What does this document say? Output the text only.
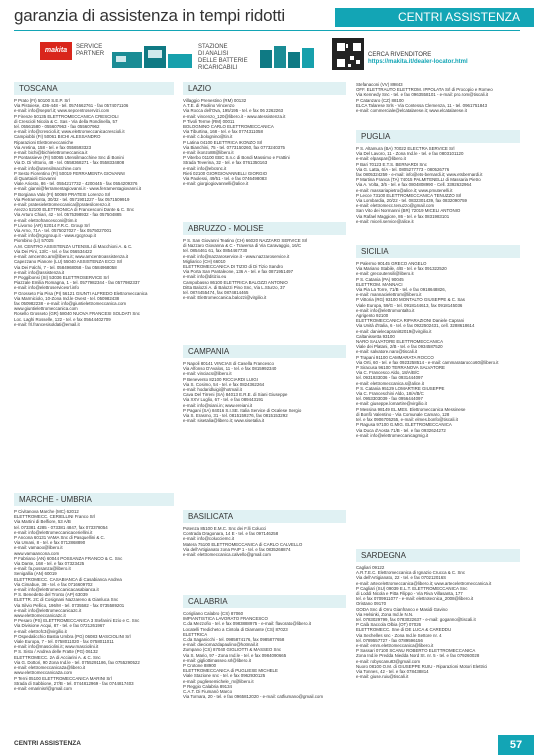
garanzia di assistenza in tempi ridotti	CENTRI ASSISTENZA
makita	SERVICE
PARTNER
STAZIONE
DI ANALISI
DELLE BATTERIE
RICARICABILI
CERCA RIVENDITORE
https://makita.it/dealer-locator.html
TOSCANA
P Prato (FI) 50100 S.E.P. Srl
Via Pistoiese, 436-448 - tel. 0574662761 - fax 0574071106
e-mail: info@sepsrl.it; www.sepcentroservizi.com
P Firenze 50135 ELETTROMECCANICA CRESCIOLI
di Crescioli Nicola & C. Sas - Via della Rondinella, 57
tel. 05561580 - 055607963 - fax 055607962
e-mail: info@crescioli.it; www.elettromeccanicacrescioli.it
Campiobbi (FI) 50061 BICHI ALESSANDRO
Riparazioni Elettromeccaniche
Via Aretina, 158 - tel. e fax 0556593323
e-mail: bichi@bichielettromeccanica.it
P Pontassieve (FI) 50065 Utensilmacchine Snc di Bonini
Via D. Di Vittorio, 48 - tel. 0558368271 - fax 0558334808
e-mail: info@utensilmacchine.com
P Sesto Fiorentino (FI) 50019 FERRAMENTA GIOVANNI
di Quartaioli Giovanni
Viale Ariosto, 86 - tel. 0554217732 - 4200445 - fax 0554209376
e-mail: gianni@ferramentagiovanni.it - www.ferramentagiovanni.it
P Borgiana Valo (FI) 50069 PRATESI Lorenzo Srl
Via Pietramonta, 30/32 - tel. 0571901227 - fax 0571509919
e-mail: pratesielettromeccanica@pratesilorenzo.it
Arezzo 52100 ELETTRONICA di Francesconi Dante & C. Snc
Via Arturo Chiari, 42 - tel. 0575398932 - fax 057504885
e-mail: elettrofrancesconi@tim.it
P Livorno (AR) 52014 F.R.C. Group Srl
Via Arno, 71A - tel. 0575027027 - fax 0575027001
e-mail: info@rgcgroup.it - www.rgcgroup.it
Piombino (LI) 57025
A.M. CENTRO ASSISTENZA UTENSILI di Macchioni A. & C.
Via Dei Pini, 13/C - tel. e fax 056534422
e-mail: amcentro.am@libero.it; www.amcentroassistenza.it
Capezzano Pianore (LU) 55040 ASSISTENZA ECCI Srl
Via Dei Falchi, 7 - tel. 0584968058 - fax 0584968058
e-mail: info@assistenza.it
P Poggibonsi (SI) 53036 ELETTROSERVICE Srl
Piazzale Emilia Romagna, 1 - tel. 0577982344 - fax 0577982337
e-mail: info@elettroservicesrl.info
P Grosseto Fia Pisa (PI) 56121 GIUNTI ALFREDO Elettromeccanica
Via Marmiciolo, 10-Zona Ind.le Ovest - tel. 050982438
fax 050982238 - e-mail: info@giuntielettromeccanica.com
www.giuntielettromeccanica.com
Rosello Grosseto (GR) 58040 NUOVA FRANCESI SOLDATI Snc
Loc. Laghi Rosselle, 122 - tel. e fax 05644402709
e-mail: frl.francesisoldati@email.it
MARCHE - UMBRIA
P Civitanova Marche (MC) 62012
ELETTROMECC. CERIELLINI Franco Srl
Via Martini di Belfiore, 53 A/B
tel. 073381 4285 - 073381 4847, fax 073378054
e-mail: info@elettromeccanicaceriellini.it
P Ancona 60131 VAMA Snc di Pasquellini & C.
Via Umani, 8 - tel. e fax 0712868890
e-mail: vamaoo@libero.it
www.vamaancona.com
P Fabriano (AN) 60044 POSSANZA FRANCO & C. Snc
Via Dante, 168 - tel. e fax 07323425
e-mail: fa.possanza@libero.it
Senigallia (AN) 60019
ELETTROMECC. CASABIANCA di Casabianca Andrea
Via Cimabue, 38 - tel. e fax 0716609702
e-mail: info@elettromeccanicacasabianca.it
P S. Benedetto del Tronto (AP) 63039
ELETTR. 2C di Cosignani Nazzareno & Gianluca Snc
Via Silvio Pellico, 196/M - tel. 0735582 - fax 0735589201
e-mail: info@elettromeccanica2c.it
www.elettromeccanica2c.it
P Pesaro (PS) ELETTROMECCANICA 3 Stefanini Ezio e C. Snc
Via Divisione Acqui, 87 - tel. e fax 0721261967
e-mail: elettrofc3@virgilio.it
P Ospedalicchio Bastia Umbra (PG) 06083 MASCIOLINI Srl
Viale Europa, 7 - tel. 0758011020 - fax 0758011011
e-mail: info@masciolini.it; www.masciolini.it
P S. Sisto / Andrea delle Fratte (PG) 06132
ELETTROMECC. 2A di Acciarini A. & C. Snc
Via G. Dottori, 90 Zona Ind.le - tel. 0755291186, fax 0755290522
e-mail: elettromeccanica2a@libero.it
www.elettromeccanica2a.com
P Terni 05100 ELETTROMECCANICA MARINI Srl
Strada di Sabbione, 27/B - tel. 0744812969 - fax 0744817403
e-mail: emarinisrl@gmail.com
LAZIO
Villaggio Prenestino (RM) 00132
A.T.E. di Paolino Vincenzo
Via Rocca dell'Ova, 195/195 - tel. e fax 06 2262263
e-mail: vincenzo_120@libero.it - www.atessistenza.it
P Tivoli Terme (RM) 00011
BOLOGNINO CARLO ELETTROMECCANICA
Via Tiburtina, 168 - tel. e fax 0774311058
e-mail: c.bolognino@tin.it
P Latina 04100 ELETTRICA IKONZO Srl
Via Bianchini, 75 - tel. 0773150260, fax 0773240375
e-mail: ikonzo88@libero.it
P Viterbo 01100 EBC S.n.c di Bondi Massimo e Frattini
Strada Teverina, 32 - tel. e fax 0761350163
e-mail: info@ebcsnc.it
Rieti 02100 GIORGIOVANNELLI GIORGIO
Via Paolessi, 49/51 - tel. e fax 0746498083
e-mail: giorgiogiovannelli@alice.it
ABRUZZO - MOLISE
P S. San Giovanni Teatino (CH) 66020 NAZZARO SERVICE Srl
di Nazzaro Giovanna & C - Traversa di Via Caravaggio, 16/C
tel. 0854461 61, fax 0854467730
e-mail: info@nazzaroservice.it - www.nazzaroservice.it
Migliarico (CH) 66010
ELETTROMECCANICA DI TIZIO di Di Tizio Sandro
Via Porta San Pantaleone, 136 A - tel. e fax 0871951497
e-mail: info@ditizio.eu
Campobasso 86100 ELETTRICA BALOZZI ANTONIO
Ditta Balozzi A. di Balozzi Pino Snc, Via L.Sturzo, 37
tel. 0874455474, fax 0874814465
e-mail: Elettromeccanica.balozzi@virgilio.it
CAMPANIA
P Napoli 80141 VINCIAS di Casella Francesco
Via Alfonso D'Avalos, 11 - tel. e fax 0815992340
e-mail: vinciacs@libero.it
P Benevento 82100 RICCIARDI LUIGI
Via S. Cosimo, 54 - tel. e fax 0824362264
e-mail: hodaridluigi@hotmail.it
Cava Del Tirreni (SA) 84013 E.R.E. di Siani Giuseppe
Via XXV Luglio, 67 - tel. e fax 089443191
e-mail: info@siani.in; www.ereiani.it
P Pagani (SA) 84016 S.I.SE. Italia Service di Ocalese Sergio
Via S. Erasmo, 31 - tel. 0815159276, fax 0815153292
e-mail: sisetalia@libero.it; www.sisetalia.it
BASILICATA
Potenza 85100 E.M.C. Snc dei F.lli Colucci
Contrada Dragonara, 14 E - tel. e fax 097146258
e-mail: info@colucciemc.it
Matera 75100 ELETTROMECCANICA di CARLO CALVELLO
Via dell'Artigianato zona PAIP 1 - tel. e fax 0835268874
e-mail: elettromeccanica.calvello@gmail.com
CALABRIA
Corigliano Calabro (CS) 87060
IMPIANTISTICA LAVORATO FRANCESCO
C.da Mezzofio - tel. e fax 0983888975 - e-mail: flavorato@libero.it
Locatelli Tredicheto a Cintola di Diamante (CS) 87023
ELETTRICA
C.da Saganicchi - tel. 0985874176, fax 0985877658
e-mail: dieciomazdapaulino@hotmail.it
Zumpano (CS) 87040 GIGLIOTTI & MASSEO Snc
Via S. Mario, 97 - Zona Ind.le - tel. e fax 0984090665
e-mail: gigliottimasseo.srl@libero.it
P Crotone 88900
ELETTROMECCANICA di PUGLIESE MICHELE
Viale Stazione snc - tel. e fax 0962930125
e-mail: pugliesemichele_m@libero.it
P Reggio Calabria 89134
C.A.T. Di Fiumanò Marco
Via Tornara, 20 - tel. e fax 0965812020 - e-mail: catfiumano@gmail.com
Stefanaconi (VV) 89843
OFF. ELETTRAUTO ELETTROM. IPPOLATA Srl di Procopio e Romeo
Via Kennedy Snc - tel. e fax 0963558101 - e-mail: pro.rom@tiscali.it
P Catanzaro (CZ) 88100
ELCA Talarese Srls - Via Contessa Clemenza, 11 - tel. 0961751843
e-mail: commerciale@elcatalarese.it; www.elcatalarese.it
PUGLIA
P S. Altamura (BA) 70022 ELECTRA SERVICE Srl
Via Del Lavoro, 11 - Zona Ind.le - tel. e fax 0803101120
e-mail: elpaspar@libero.it
P Bari 70123 E.T.S. BERNARDI Snc
Via G. Latta, 6/A - tel. 0805277773 - 080526776
fax 0805324259 - e-mail: info@ets-bernardi.it; www.etsbernardi.it
P Martina Franca (TA) 74015 PALMITENELLI di Massaria Pietro
Via A. Volta, 3/5 - tel. e fax 0804808990 - Cell. 3392632964
e-mail: massariapietro@alice.it; www.pmutenelli.it
P Lecce 73100 ELETTROMECCANICA TENUZZO Srl
Via Lombardia, 20/22 - tel. 0832301439, fax 0832090759
e-mail: elettromecc.tenuzzo@gmail.com
San Vito dei Normanni (BR) 72019 MICELI ANTONIO
Via Rafael Maggiore, 86 - tel. e fax 0831983101
e-mail: miceli.service@alice.it
SICILIA
P Palermo 90145 GRECO ANGELO
Via Mariano Stabile, 4/B - tel. e fax 091322520
e-mail: grecoutensili@libero.it
P S. Catania (PA) 90045
ELETTROM. MANNACI
Via Pia La Torre, 71/B - tel. e fax 0918648826,
e-mail: mannacielettrom@libero.it
P Vittoria (RG) 93100 MONTALTO GIUSEPPE & C. Sas
Viale Europa, 59/G - tel. 0918144613, fax 0918145036
e-mail: info@elettromontalto.it
Agrigento 92100
ELETTROMECCANICA RIPARAZIONI Daniele Caprani
Via Unità d'Italia, 6 - tel. e fax 0922502431, cell. 3288618614
e-mail: danielecaprani82019@virgilio.it
Caltanissetta 93100
NARO SALVATORE ELETTROMECCANICA
Viale dei Platani, 2/B - tel. e fax 0934587520
e-mail: salvatore.naro@tiscali.it
P Trapani 91100 CAMMARATA ROCCO
Via Orti, 60 - tel. e fax 0923258514 - e-mail: cammaratarocco60@libero.it
P Siracusa 96100 TERRANOVA SALVATORE
Via C. Francesco Aldo, 18/A/B/C
tel. 0931933036 - fax 0931444097
e-mail: elettromeccanica.s@alice.it
P S. Catania 95129 LOMARTIRE GIUSEPPE
Via C. Franceschini Aldo, 18/A/B/C
tel. 0953303039 - fax 0956444097
e-mail: giuseppe.lomartire@virgilio.it
P Messina 98149 EL.MES. Elettromeccanica Messinese
di Bonfò Valentino - Via Comunale Camaro, 128
tel. e fax 0906705255, e-mail: elmes.bonfo@tiscali.it
P Ragusa 97100 G.MIG. ELETTROMECCANICA
Via Duca d'Aosta 71/B - tel. e fax 0932624272
e-mail: info@elettromeccanicagmig.it
SARDEGNA
Cagliari 09122
A.R.T.E.C. Elettromeccanica di Ignazio Crucca & C. Snc
Via dell'Artigianato, 22 - tel. e fax 070212016S
e-mail: artecelettromeccanica@libero.it; www.artecelettromeccanica.it
P Cagliari (SU) 09039 E.L.T. ELETTROMECCANICA Snc
di Loddi Nicola e Pitta Filippo - Via Riva Villasanta, 177
tel. e fax 0709911077 - e-mail: elettrotecnica_2008@libero.it
Oristano 09170
GODA Snc di Orru Gianfranco e Masidi Gavino
Via Helsinki, Zona Ind.le N.N.
tel. 0783029799, fax 0783022637 - e-mail: goganno@tiscali.it
P Calà Saccola Olbia (OT) 07026
ELETTROMECC. Sne di DE LUCA & CAREDDU
Via Sechelles snc - Zona Ind.le Settore nr. 4
tel. 0789557727 - fax 0789596156
e-mail: emm.elettromeccanica@libero.it
P Sassari 07100 SCANU ROBERTO ELETTROMECCANICA
Zona Ind.le Predda Niedda Nord St. nr. 5 - tel. e fax 079260028
e-mail: robyscanu83@gmail.com
Nuoro 08100 O.M. di GIUSEPPE RUIU - Riparazioni Motori Elettrici
Via Tonnes, 42 - tel. e fax 078438814
e-mail: giuse.ruiu@tiscali.it
CENTRI ASSISTENZA	57
